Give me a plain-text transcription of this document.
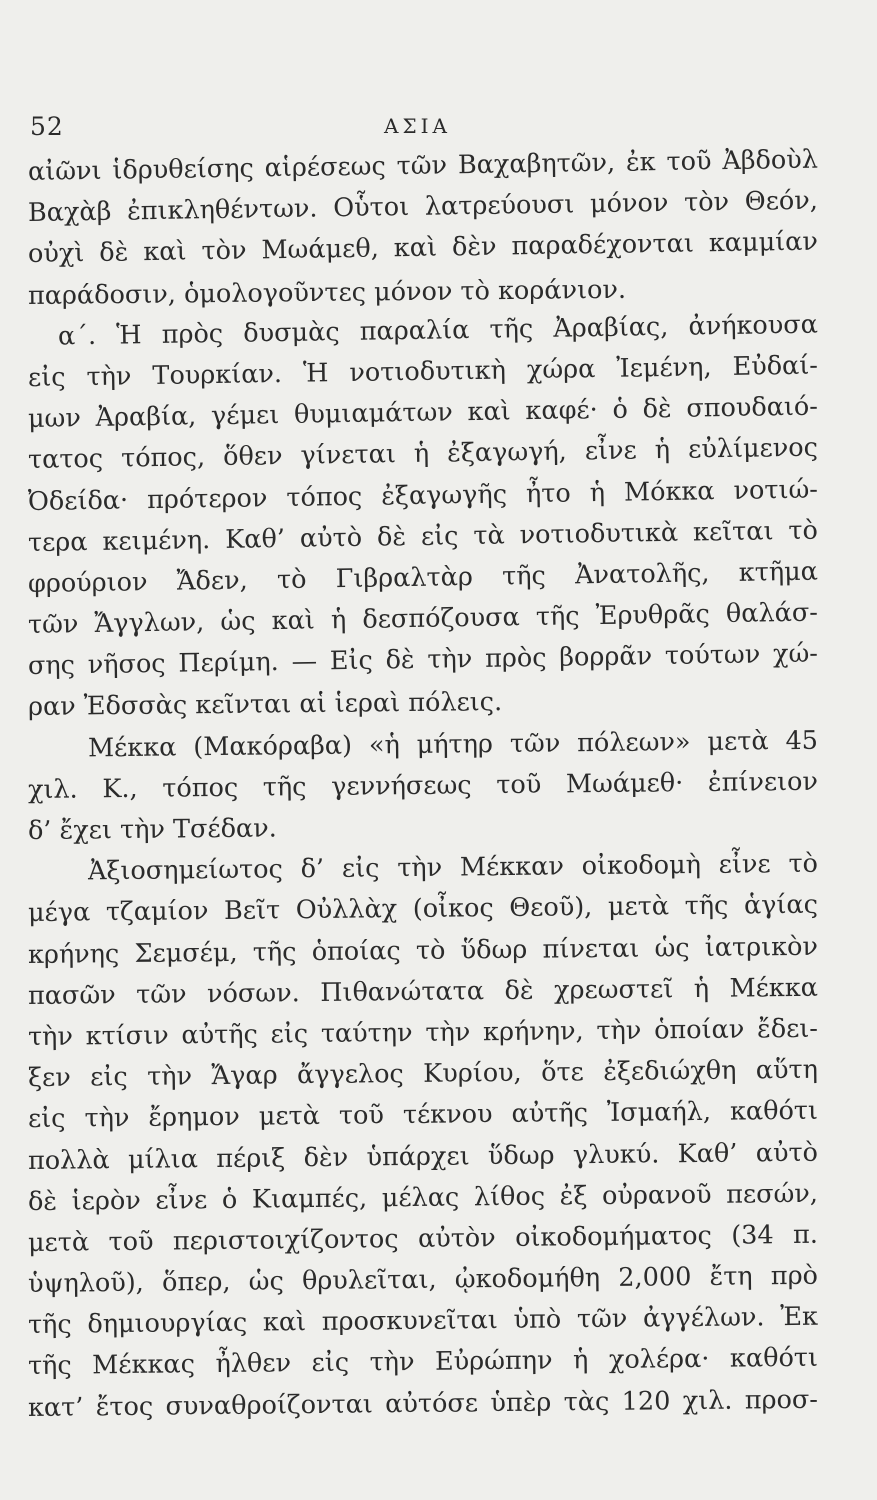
52	ΑΣΙΑ
αἰῶνι ἱδρυθείσης αἱρέσεως τῶν Βαχαβητῶν, ἐκ τοῦ Ἀβδοὺλ
Βαχὰβ ἐπικληθέντων. Οὗτοι λατρεύουσι μόνον τὸν Θεόν,
οὐχὶ δὲ καὶ τὸν Μωάμεθ, καὶ δὲν παραδέχονται καμμίαν
παράδοσιν, ὁμολογοῦντες μόνον τὸ κοράνιον.
α΄. Ἡ πρὸς δυσμὰς παραλία τῆς Ἀραβίας, ἀνήκουσα
εἰς τὴν Τουρκίαν. Ἡ νοτιοδυτικὴ χώρα Ἰεμένη, Εὐδαί-
μων Ἀραβία, γέμει θυμιαμάτων καὶ καφέ· ὁ δὲ σπουδαιό-
τατος τόπος, ὅθεν γίνεται ἡ ἐξαγωγή, εἶνε ἡ εὐλίμενος
Ὀδείδα· πρότερον τόπος ἐξαγωγῆς ἦτο ἡ Μόκκα νοτιώ-
τερα κειμένη. Καθ’ αὐτὸ δὲ εἰς τὰ νοτιοδυτικὰ κεῖται τὸ
φρούριον Ἄδεν, τὸ Γιβραλτὰρ τῆς Ἀνατολῆς, κτῆμα
τῶν Ἄγγλων, ὡς καὶ ἡ δεσπόζουσα τῆς Ἐρυθρᾶς θαλάσ-
σης νῆσος Περίμη. — Εἰς δὲ τὴν πρὸς βορρᾶν τούτων χώ-
ραν Ἐδσσὰς κεῖνται αἱ ἱεραὶ πόλεις.
Μέκκα (Μακόραβα) «ἡ μήτηρ τῶν πόλεων» μετὰ 45
χιλ. Κ., τόπος τῆς γεννήσεως τοῦ Μωάμεθ· ἐπίνειον
δ’ ἔχει τὴν Τσέδαν.
Ἀξιοσημείωτος δ’ εἰς τὴν Μέκκαν οἰκοδομὴ εἶνε τὸ
μέγα τζαμίον Βεῖτ Οὐλλὰχ (οἶκος Θεοῦ), μετὰ τῆς ἁγίας
κρήνης Σεμσέμ, τῆς ὁποίας τὸ ὕδωρ πίνεται ὡς ἰατρικὸν
πασῶν τῶν νόσων. Πιθανώτατα δὲ χρεωστεῖ ἡ Μέκκα
τὴν κτίσιν αὐτῆς εἰς ταύτην τὴν κρήνην, τὴν ὁποίαν ἔδει-
ξεν εἰς τὴν Ἄγαρ ἄγγελος Κυρίου, ὅτε ἐξεδιώχθη αὕτη
εἰς τὴν ἔρημον μετὰ τοῦ τέκνου αὐτῆς Ἰσμαήλ, καθότι
πολλὰ μίλια πέριξ δὲν ὑπάρχει ὕδωρ γλυκύ. Καθ’ αὐτὸ
δὲ ἱερὸν εἶνε ὁ Κιαμπές, μέλας λίθος ἐξ οὐρανοῦ πεσών,
μετὰ τοῦ περιστοιχίζοντος αὐτὸν οἰκοδομήματος (34 π.
ὑψηλοῦ), ὅπερ, ὡς θρυλεῖται, ᾠκοδομήθη 2,000 ἔτη πρὸ
τῆς δημιουργίας καὶ προσκυνεῖται ὑπὸ τῶν ἀγγέλων. Ἐκ
τῆς Μέκκας ἦλθεν εἰς τὴν Εὐρώπην ἡ χολέρα· καθότι
κατ’ ἔτος συναθροίζονται αὐτόσε ὑπὲρ τὰς 120 χιλ. προσ-
